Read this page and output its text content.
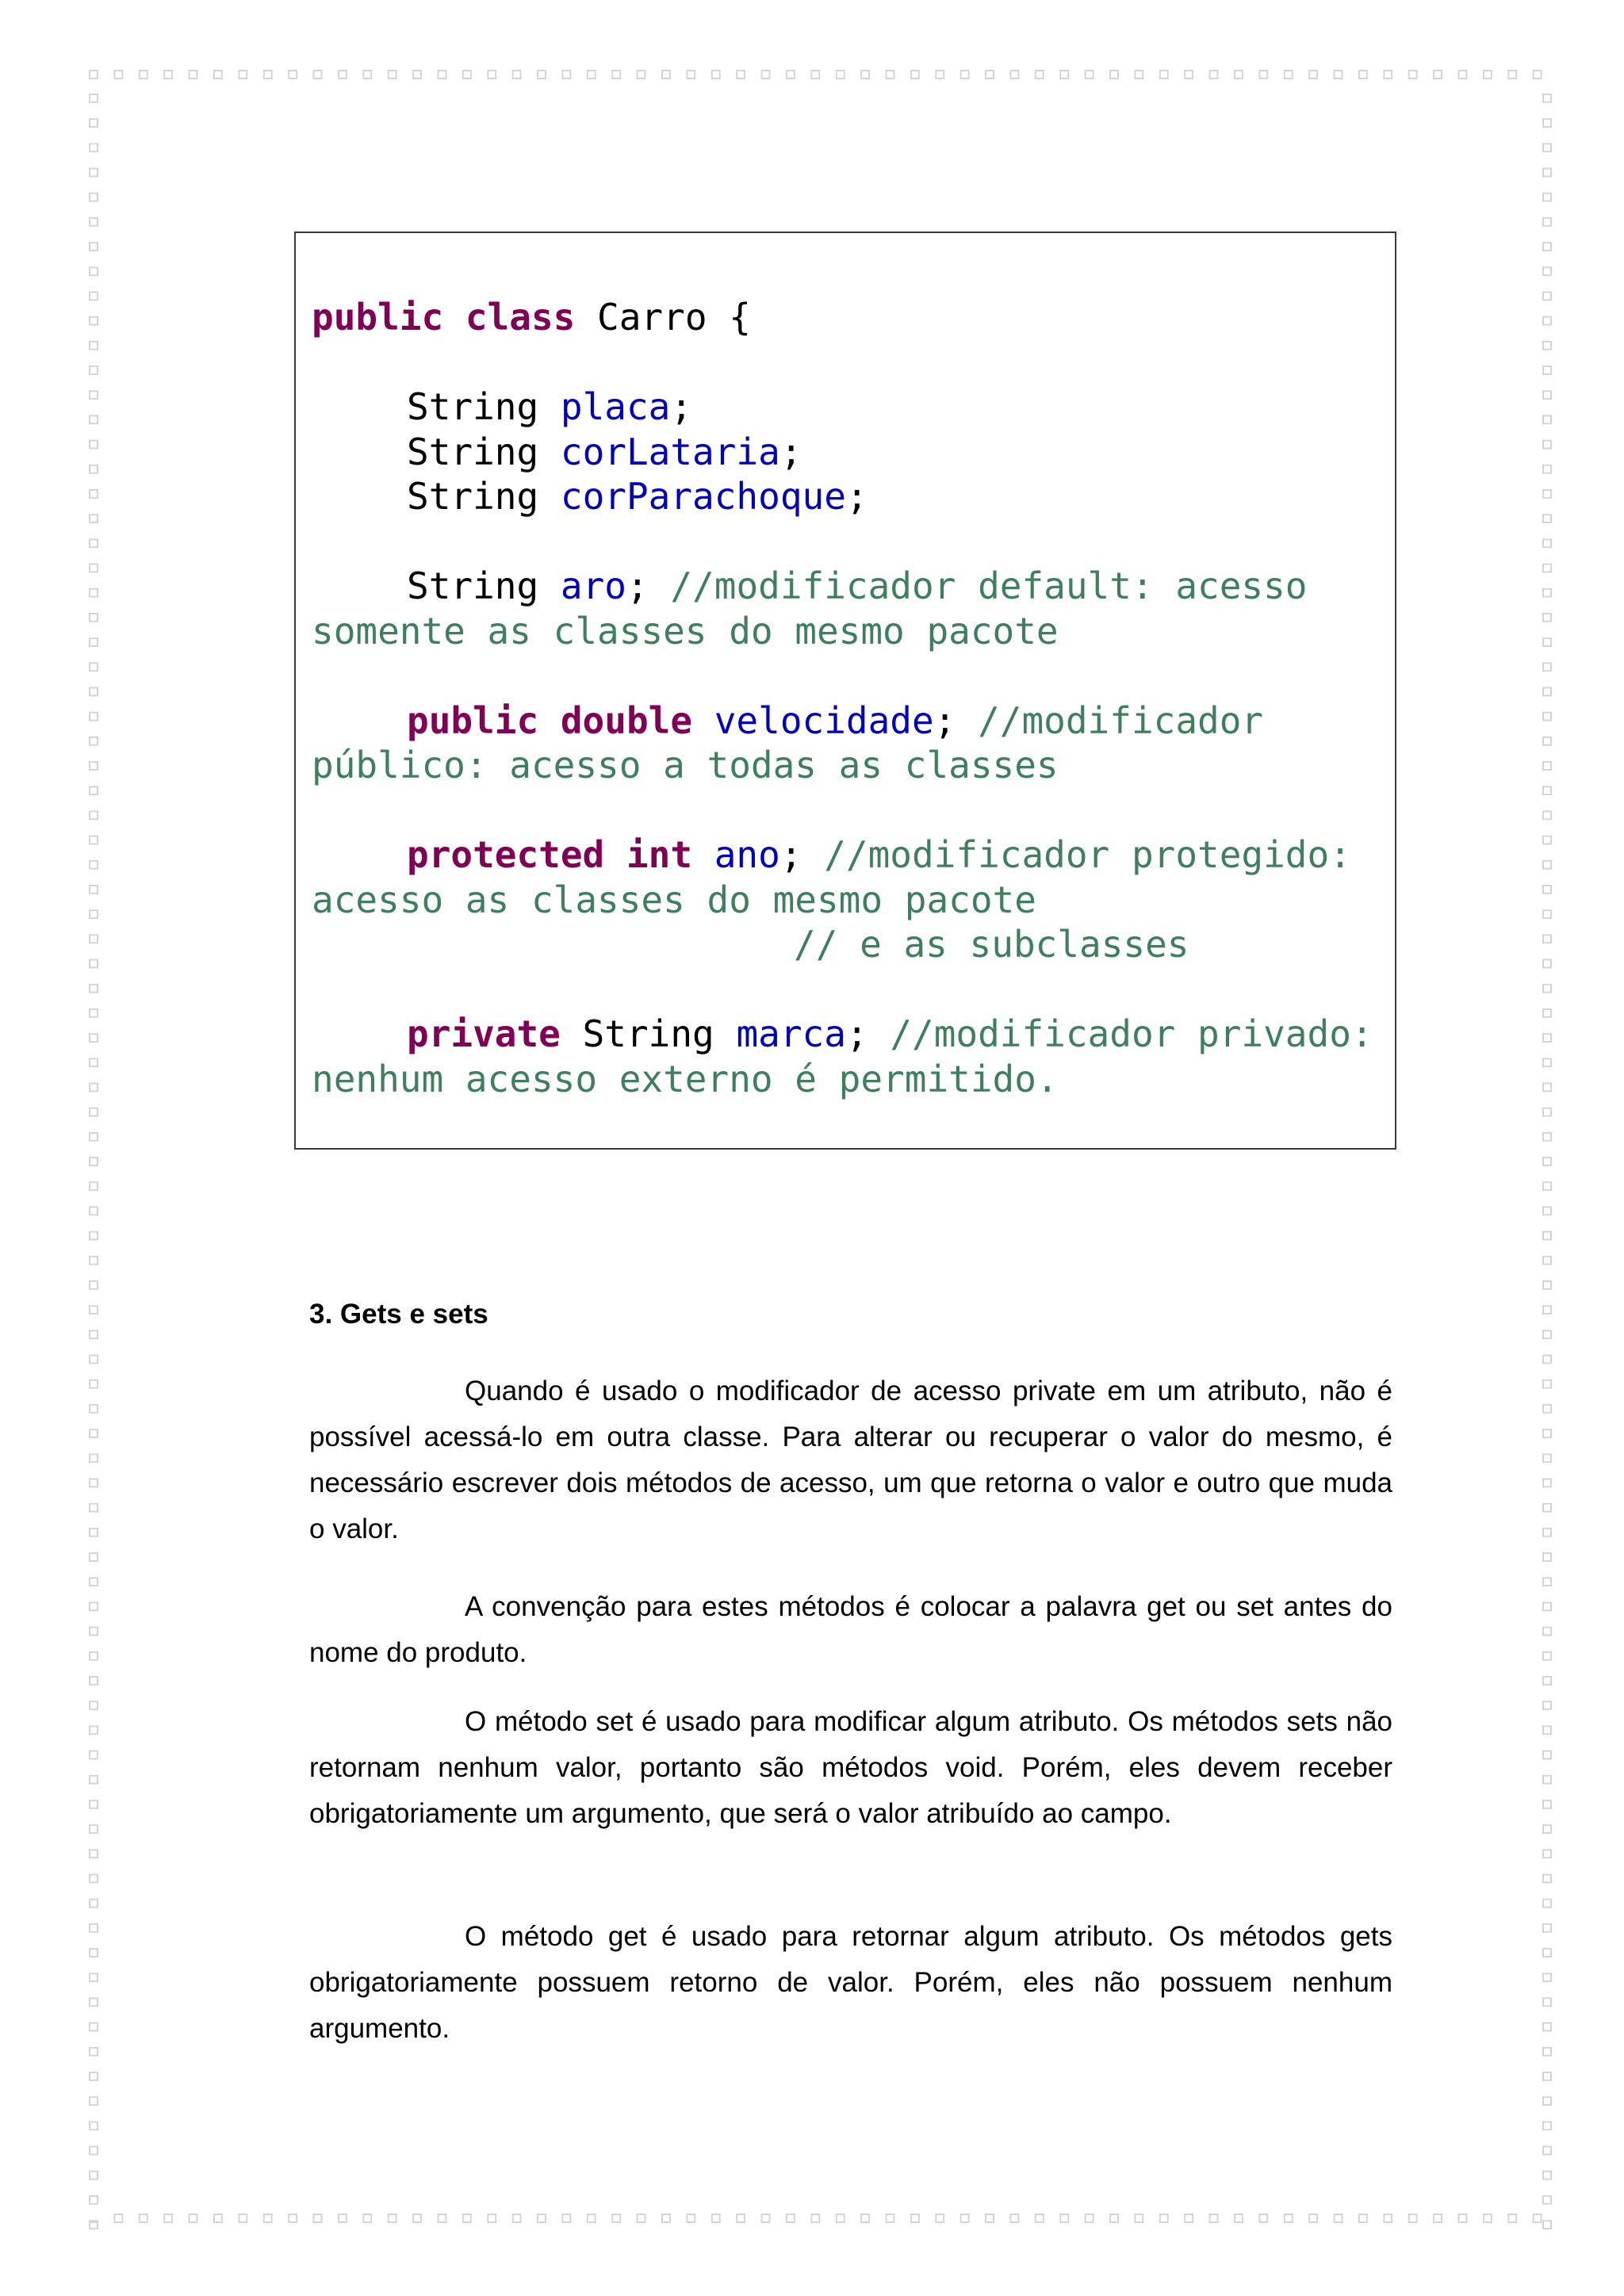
public class Carro {

String placa;
String corLataria;
String corParachoque;

String aro; //modificador default: acesso
somente as classes do mesmo pacote

public double velocidade; //modificador
público: acesso a todas as classes

protected int ano; //modificador protegido:
acesso as classes do mesmo pacote
// e as subclasses

private String marca; //modificador privado:
nenhum acesso externo é permitido.
3. Gets e sets

Quando é usado o modificador de acesso private em um atributo, não é possível acessá-lo em outra classe. Para alterar ou recuperar o valor do mesmo, é necessário escrever dois métodos de acesso, um que retorna o valor e outro que muda o valor.

A convenção para estes métodos é colocar a palavra get ou set antes do nome do produto.

O método set é usado para modificar algum atributo. Os métodos sets não retornam nenhum valor, portanto são métodos void. Porém, eles devem receber obrigatoriamente um argumento, que será o valor atribuído ao campo.

O método get é usado para retornar algum atributo. Os métodos gets obrigatoriamente possuem retorno de valor. Porém, eles não possuem nenhum argumento.
